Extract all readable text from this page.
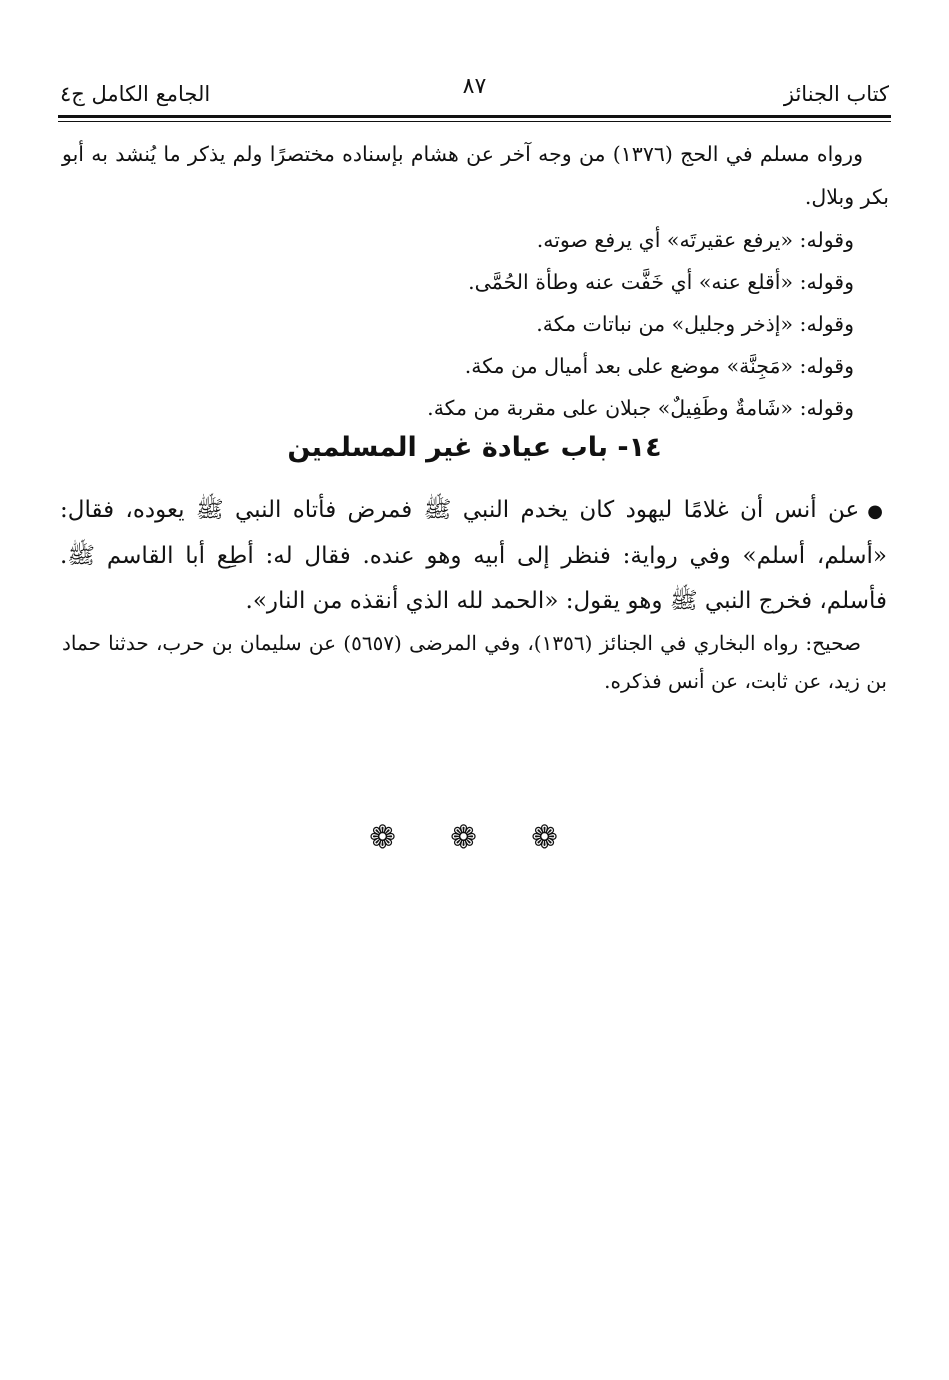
كتاب الجنائز
٨٧
الجامع الكامل ج٤

ورواه مسلم في الحج (١٣٧٦) من وجه آخر عن هشام بإسناده مختصرًا ولم يذكر ما يُنشد به أبو بكر وبلال.

وقوله: «يرفع عقيرتَه» أي يرفع صوته.
وقوله: «أقلع عنه» أي خَفَّت عنه وطأة الحُمَّى.
وقوله: «إذخر وجليل» من نباتات مكة.
وقوله: «مَجِنَّة» موضع على بعد أميال من مكة.
وقوله: «شَامةٌ وطَفِيلٌ» جبلان على مقربة من مكة.
١٤- باب عيادة غير المسلمين

●عن أنس أن غلامًا ليهود كان يخدم النبي ﷺ فمرض فأتاه النبي ﷺ يعوده، فقال: «أسلم، أسلم» وفي رواية: فنظر إلى أبيه وهو عنده. فقال له: أطِع أبا القاسم ﷺ. فأسلم، فخرج النبي ﷺ وهو يقول: «الحمد لله الذي أنقذه من النار».

صحيح: رواه البخاري في الجنائز (١٣٥٦)، وفي المرضى (٥٦٥٧) عن سليمان بن حرب، حدثنا حماد بن زيد، عن ثابت، عن أنس فذكره.

❁ ❁ ❁
